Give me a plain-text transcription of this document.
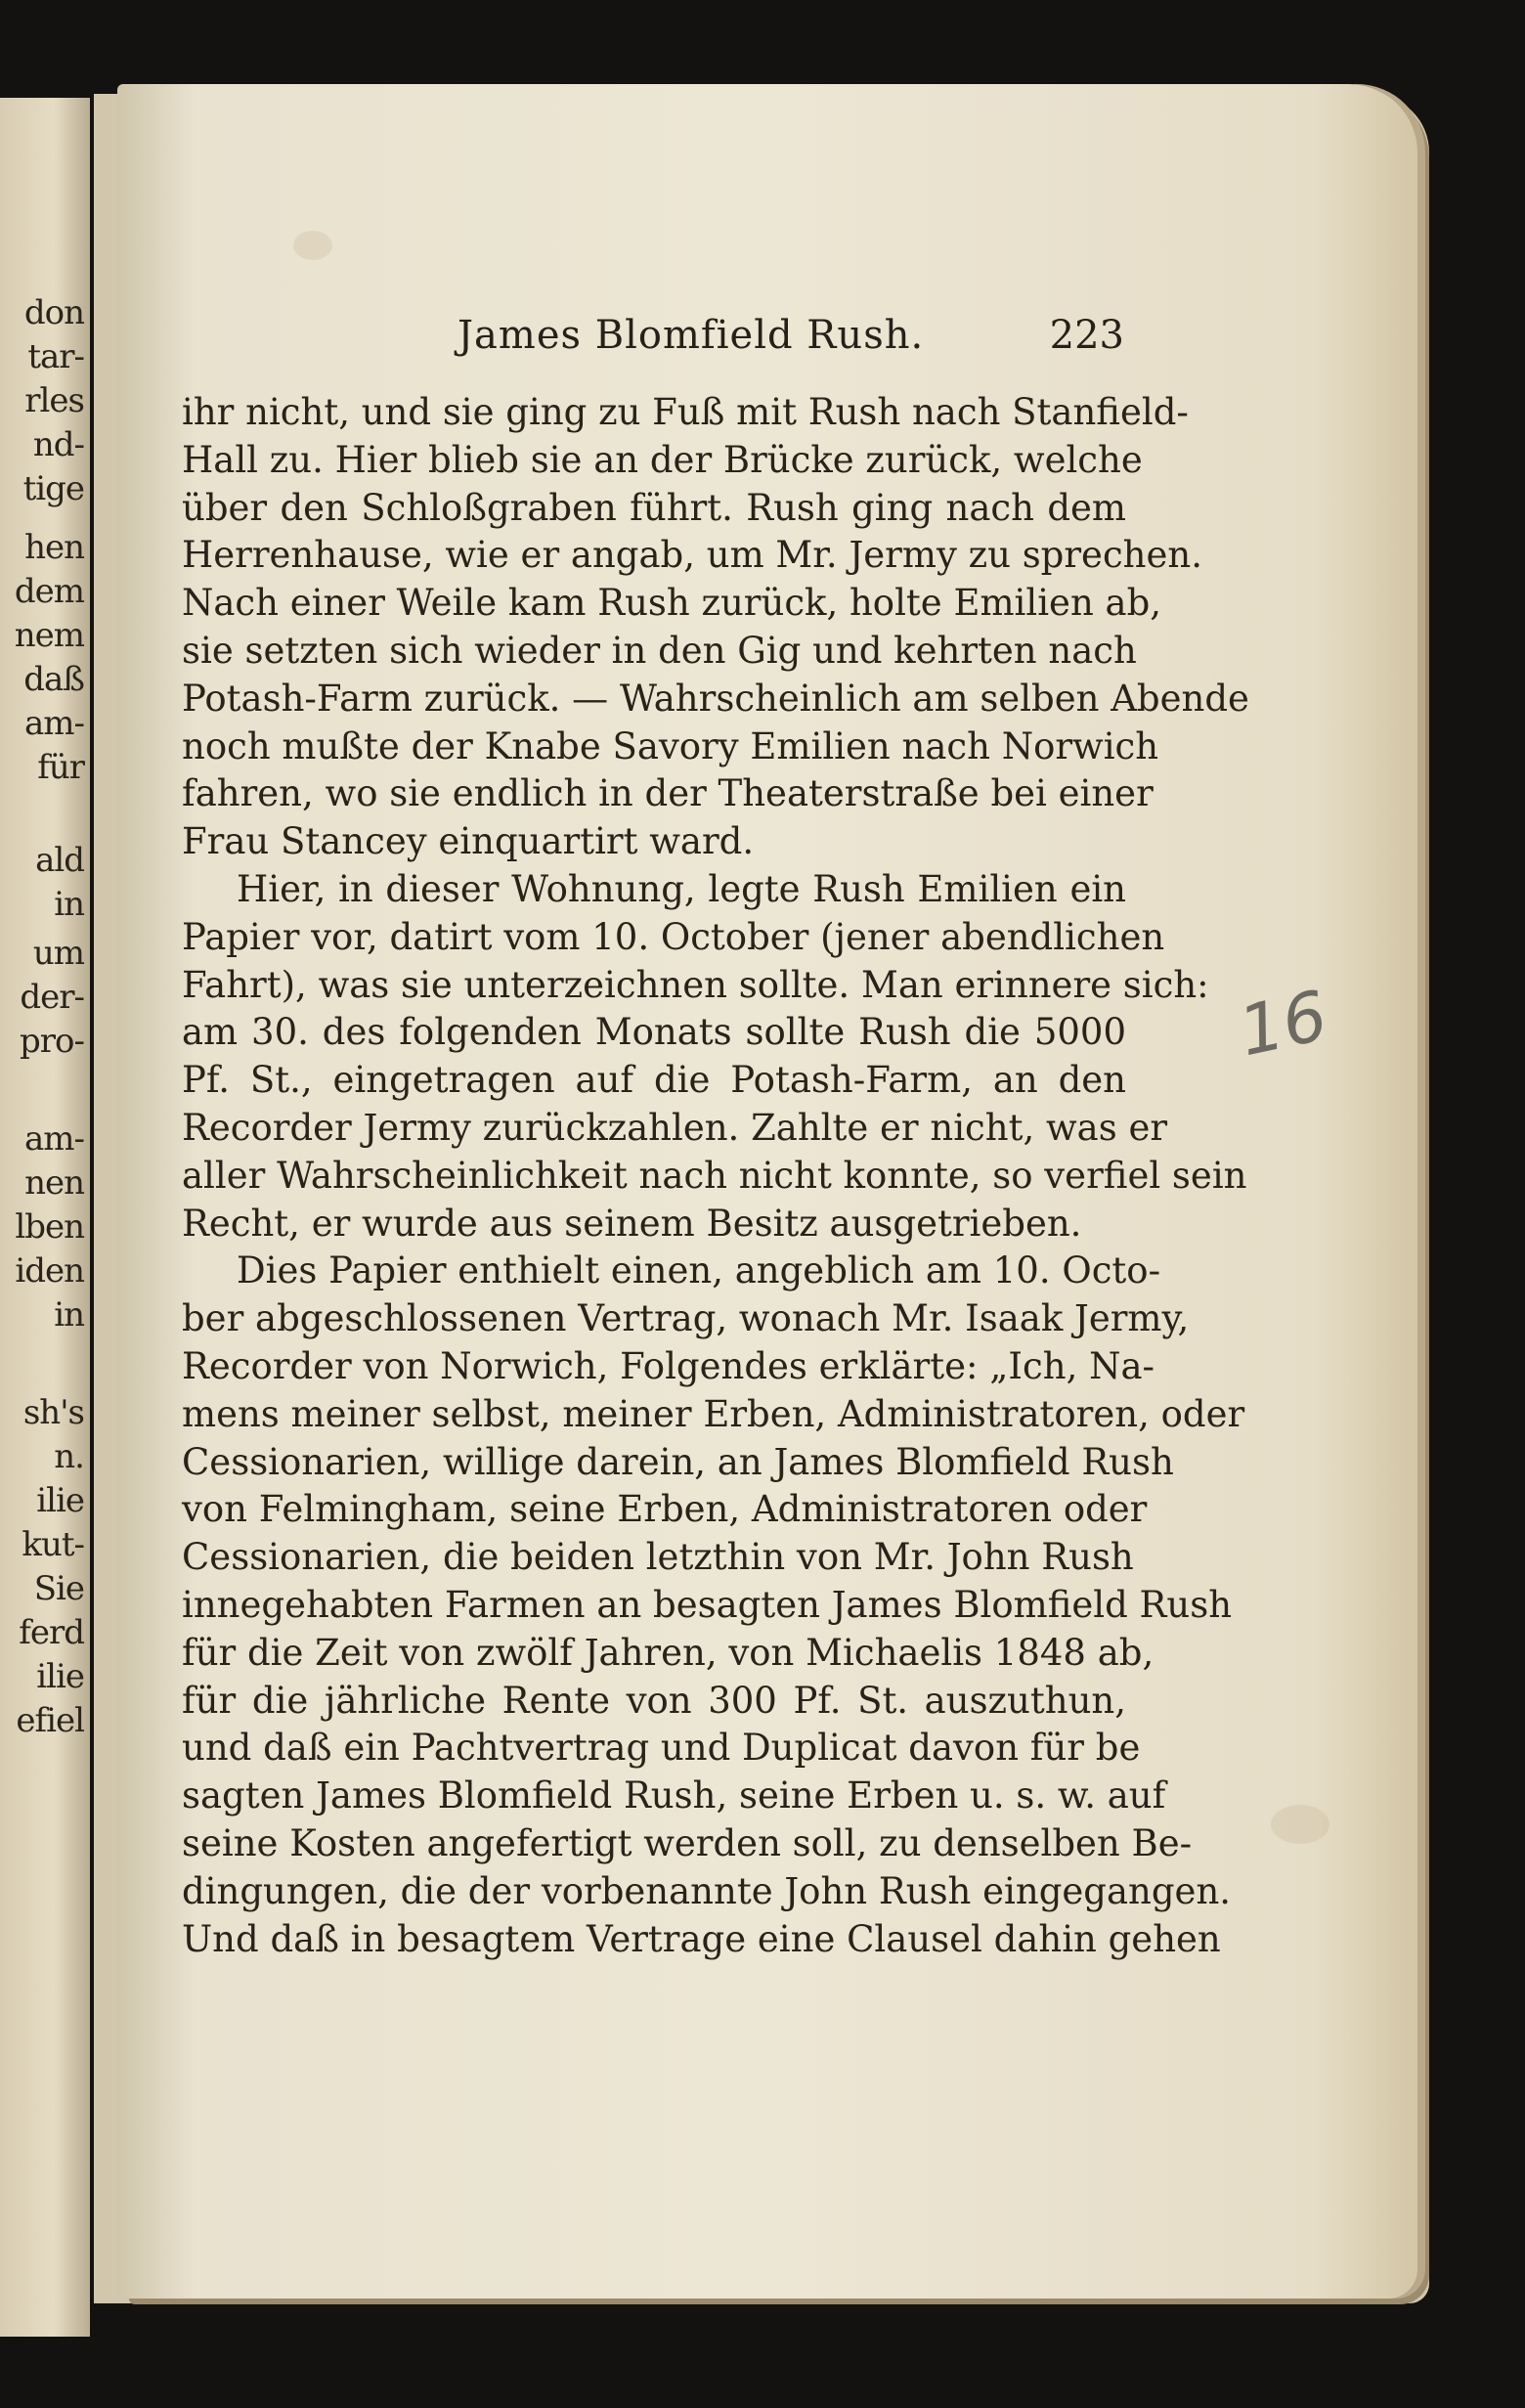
don
tar-
rles
nd-
tige
hen
dem
nem
daß
am-
für
ald
in
um
der-
pro-
am-
nen
lben
iden
in
sh's
n.
ilie
kut-
Sie
ferd
ilie
efiel
James Blomfield Rush.	223
ihr nicht, und sie ging zu Fuß mit Rush nach Stanfield-
Hall zu. Hier blieb sie an der Brücke zurück, welche
über den Schloßgraben führt. Rush ging nach dem
Herrenhause, wie er angab, um Mr. Jermy zu sprechen.
Nach einer Weile kam Rush zurück, holte Emilien ab,
sie setzten sich wieder in den Gig und kehrten nach
Potash-Farm zurück. — Wahrscheinlich am selben Abende
noch mußte der Knabe Savory Emilien nach Norwich
fahren, wo sie endlich in der Theaterstraße bei einer
Frau Stancey einquartirt ward.
Hier, in dieser Wohnung, legte Rush Emilien ein
Papier vor, datirt vom 10. October (jener abendlichen
Fahrt), was sie unterzeichnen sollte. Man erinnere sich:
am 30. des folgenden Monats sollte Rush die 5000
Pf. St., eingetragen auf die Potash-Farm, an den
Recorder Jermy zurückzahlen. Zahlte er nicht, was er
aller Wahrscheinlichkeit nach nicht konnte, so verfiel sein
Recht, er wurde aus seinem Besitz ausgetrieben.
Dies Papier enthielt einen, angeblich am 10. Octo-
ber abgeschlossenen Vertrag, wonach Mr. Isaak Jermy,
Recorder von Norwich, Folgendes erklärte: „Ich, Na-
mens meiner selbst, meiner Erben, Administratoren, oder
Cessionarien, willige darein, an James Blomfield Rush
von Felmingham, seine Erben, Administratoren oder
Cessionarien, die beiden letzthin von Mr. John Rush
innegehabten Farmen an besagten James Blomfield Rush
für die Zeit von zwölf Jahren, von Michaelis 1848 ab,
für die jährliche Rente von 300 Pf. St. auszuthun,
und daß ein Pachtvertrag und Duplicat davon für be
sagten James Blomfield Rush, seine Erben u. s. w. auf
seine Kosten angefertigt werden soll, zu denselben Be-
dingungen, die der vorbenannte John Rush eingegangen.
Und daß in besagtem Vertrage eine Clausel dahin gehen
16
